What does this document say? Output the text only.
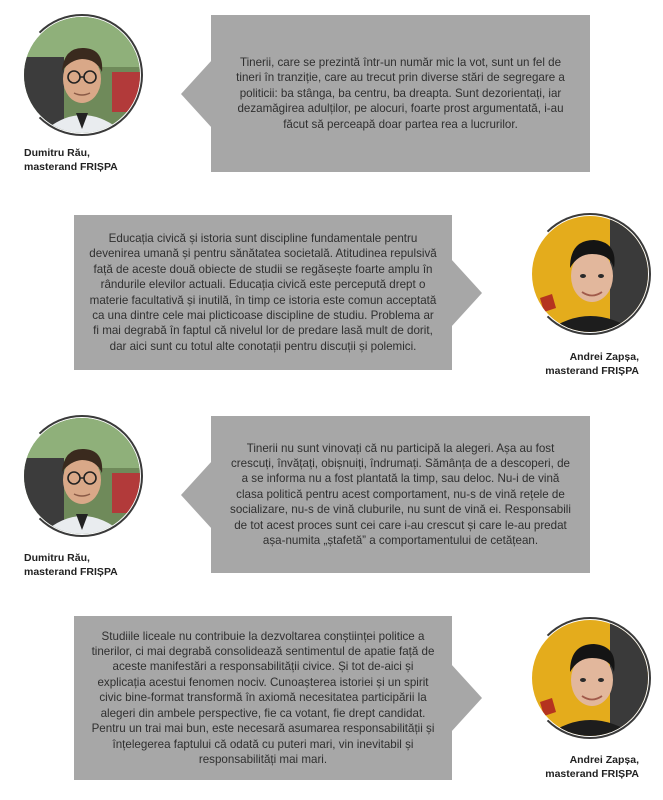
Dumitru Rău,
masterand FRIȘPA
Tinerii, care se prezintă într-un număr mic la vot, sunt un fel de tineri în tranziție, care au trecut prin diverse stări de segregare a politicii: ba stânga, ba centru, ba dreapta. Sunt dezorientați, iar dezamăgirea adulților, pe alocuri, foarte prost argumentată, i-au făcut să perceapă doar partea rea a lucrurilor.
Educația civică și istoria sunt discipline fundamentale pentru devenirea umană și pentru sănătatea societală. Atitudinea repulsivă față de aceste două obiecte de studii se regăsește foarte amplu în rândurile elevilor actuali. Educația civică este percepută drept o materie facultativă și inutilă, în timp ce istoria este comun acceptată ca una dintre cele mai plicticoase discipline de studiu. Problema ar fi mai degrabă în faptul că nivelul lor de predare lasă mult de dorit, dar aici sunt cu totul alte conotații pentru discuții și polemici.
Andrei Zapșa,
masterand FRIȘPA
Dumitru Rău,
masterand FRIȘPA
Tinerii nu sunt vinovați că nu participă la alegeri. Așa au fost crescuți, învățați, obișnuiți, îndrumați. Sămânța de a descoperi, de a se informa nu a fost plantată la timp, sau deloc. Nu-i de vină clasa politică pentru acest comportament, nu-s de vină rețele de socializare, nu-s de vină cluburile, nu sunt de vină ei. Responsabili de tot acest proces sunt cei care i-au crescut și care le-au predat așa-numita „ștafetă” a comportamentului de cetățean.
Studiile liceale nu contribuie la dezvoltarea conștiinței politice a tinerilor, ci mai degrabă consolidează sentimentul de apatie față de aceste manifestări a responsabilității civice. Și tot de-aici și explicația acestui fenomen nociv. Cunoașterea istoriei și un spirit civic bine-format transformă în axiomă necesitatea participării la alegeri din ambele perspective, fie ca votant, fie drept candidat. Pentru un trai mai bun, este necesară asumarea responsabilității și înțelegerea faptului că odată cu puteri mari, vin inevitabil și responsabilități mai mari.	Andrei Zapșa,
masterand FRIȘPA
